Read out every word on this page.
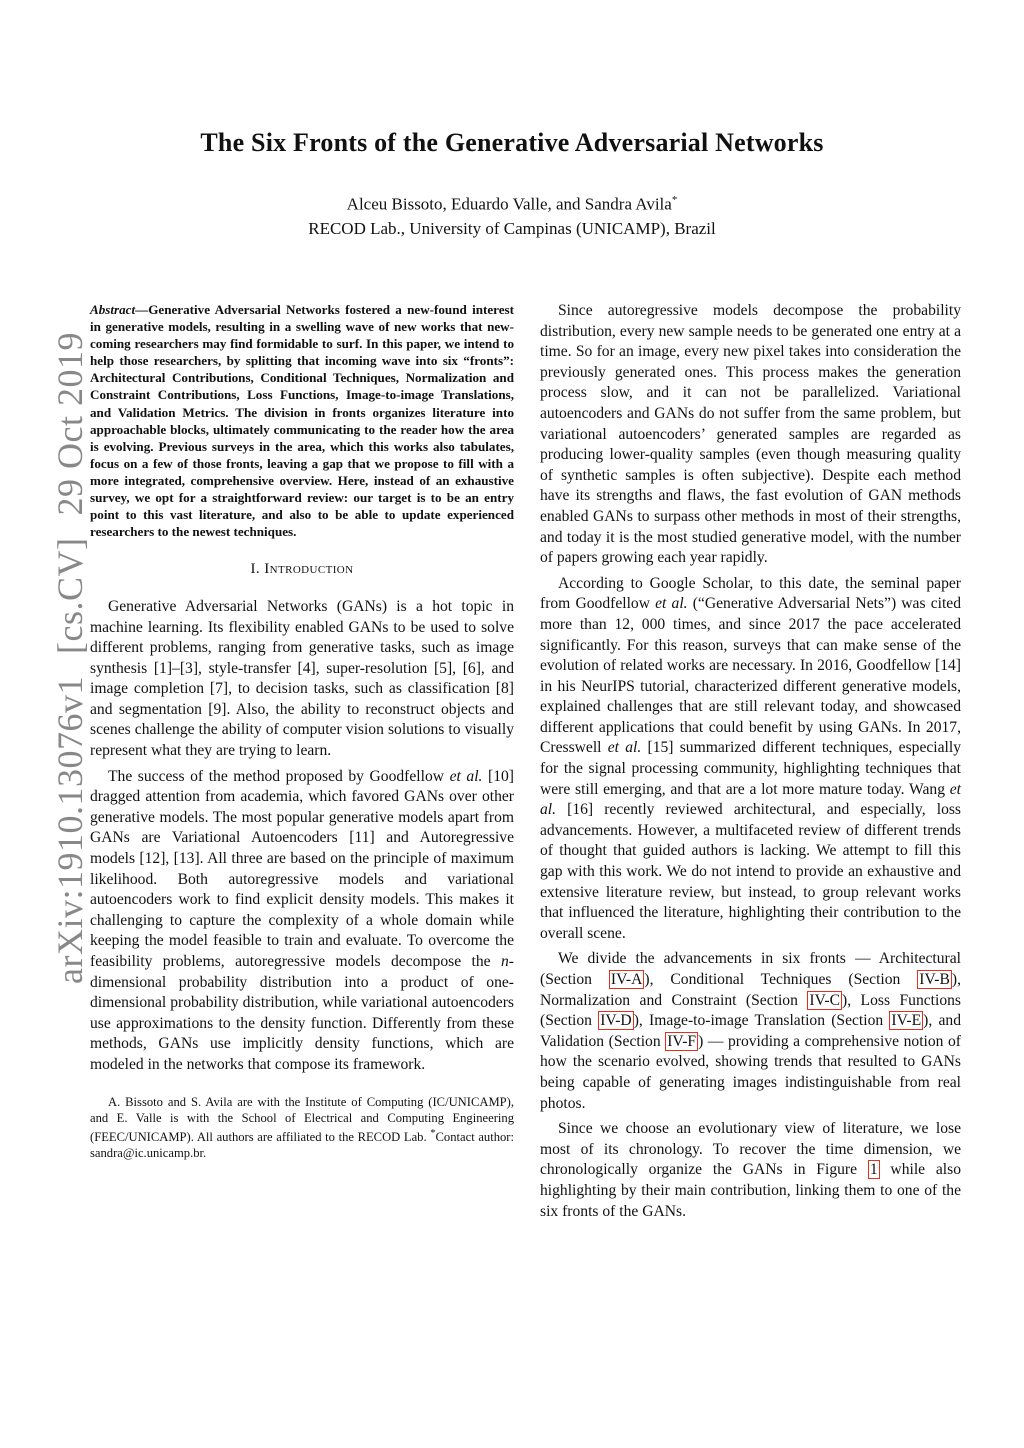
The Six Fronts of the Generative Adversarial Networks
Alceu Bissoto, Eduardo Valle, and Sandra Avila*
RECOD Lab., University of Campinas (UNICAMP), Brazil
arXiv:1910.13076v1[cs.CV]29 Oct 2019
Abstract—Generative Adversarial Networks fostered a new-found interest in generative models, resulting in a swelling wave of new works that new-coming researchers may find formidable to surf. In this paper, we intend to help those researchers, by splitting that incoming wave into six “fronts”: Architectural Contributions, Conditional Techniques, Normalization and Constraint Contributions, Loss Functions, Image-to-image Translations, and Validation Metrics. The division in fronts organizes literature into approachable blocks, ultimately communicating to the reader how the area is evolving. Previous surveys in the area, which this works also tabulates, focus on a few of those fronts, leaving a gap that we propose to fill with a more integrated, comprehensive overview. Here, instead of an exhaustive survey, we opt for a straightforward review: our target is to be an entry point to this vast literature, and also to be able to update experienced researchers to the newest techniques.
I. Introduction

Generative Adversarial Networks (GANs) is a hot topic in machine learning. Its flexibility enabled GANs to be used to solve different problems, ranging from generative tasks, such as image synthesis [1]–[3], style-transfer [4], super-resolution [5], [6], and image completion [7], to decision tasks, such as classification [8] and segmentation [9]. Also, the ability to reconstruct objects and scenes challenge the ability of computer vision solutions to visually represent what they are trying to learn.

The success of the method proposed by Goodfellow et al. [10] dragged attention from academia, which favored GANs over other generative models. The most popular generative models apart from GANs are Variational Autoencoders [11] and Autoregressive models [12], [13]. All three are based on the principle of maximum likelihood. Both autoregressive models and variational autoencoders work to find explicit density models. This makes it challenging to capture the complexity of a whole domain while keeping the model feasible to train and evaluate. To overcome the feasibility problems, autoregressive models decompose the n-dimensional probability distribution into a product of one-dimensional probability distribution, while variational autoencoders use approximations to the density function. Differently from these methods, GANs use implicitly density functions, which are modeled in the networks that compose its framework.

A. Bissoto and S. Avila are with the Institute of Computing (IC/UNICAMP), and E. Valle is with the School of Electrical and Computing Engineering (FEEC/UNICAMP). All authors are affiliated to the RECOD Lab. *Contact author: sandra@ic.unicamp.br.

Since autoregressive models decompose the probability distribution, every new sample needs to be generated one entry at a time. So for an image, every new pixel takes into consideration the previously generated ones. This process makes the generation process slow, and it can not be parallelized. Variational autoencoders and GANs do not suffer from the same problem, but variational autoencoders’ generated samples are regarded as producing lower-quality samples (even though measuring quality of synthetic samples is often subjective). Despite each method have its strengths and flaws, the fast evolution of GAN methods enabled GANs to surpass other methods in most of their strengths, and today it is the most studied generative model, with the number of papers growing each year rapidly.

According to Google Scholar, to this date, the seminal paper from Goodfellow et al. (“Generative Adversarial Nets”) was cited more than 12, 000 times, and since 2017 the pace accelerated significantly. For this reason, surveys that can make sense of the evolution of related works are necessary. In 2016, Goodfellow [14] in his NeurIPS tutorial, characterized different generative models, explained challenges that are still relevant today, and showcased different applications that could benefit by using GANs. In 2017, Cresswell et al. [15] summarized different techniques, especially for the signal processing community, highlighting techniques that were still emerging, and that are a lot more mature today. Wang et al. [16] recently reviewed architectural, and especially, loss advancements. However, a multifaceted review of different trends of thought that guided authors is lacking. We attempt to fill this gap with this work. We do not intend to provide an exhaustive and extensive literature review, but instead, to group relevant works that influenced the literature, highlighting their contribution to the overall scene.

We divide the advancements in six fronts — Architectural (Section IV-A ), Conditional Techniques (Section IV-B ), Normalization and Constraint (Section IV-C ), Loss Functions (Section IV-D ), Image-to-image Translation (Section IV-E ), and Validation (Section IV-F ) — providing a comprehensive notion of how the scenario evolved, showing trends that resulted to GANs being capable of generating images indistinguishable from real photos.

Since we choose an evolutionary view of literature, we lose most of its chronology. To recover the time dimension, we chronologically organize the GANs in Figure 1 while also highlighting by their main contribution, linking them to one of the six fronts of the GANs.
